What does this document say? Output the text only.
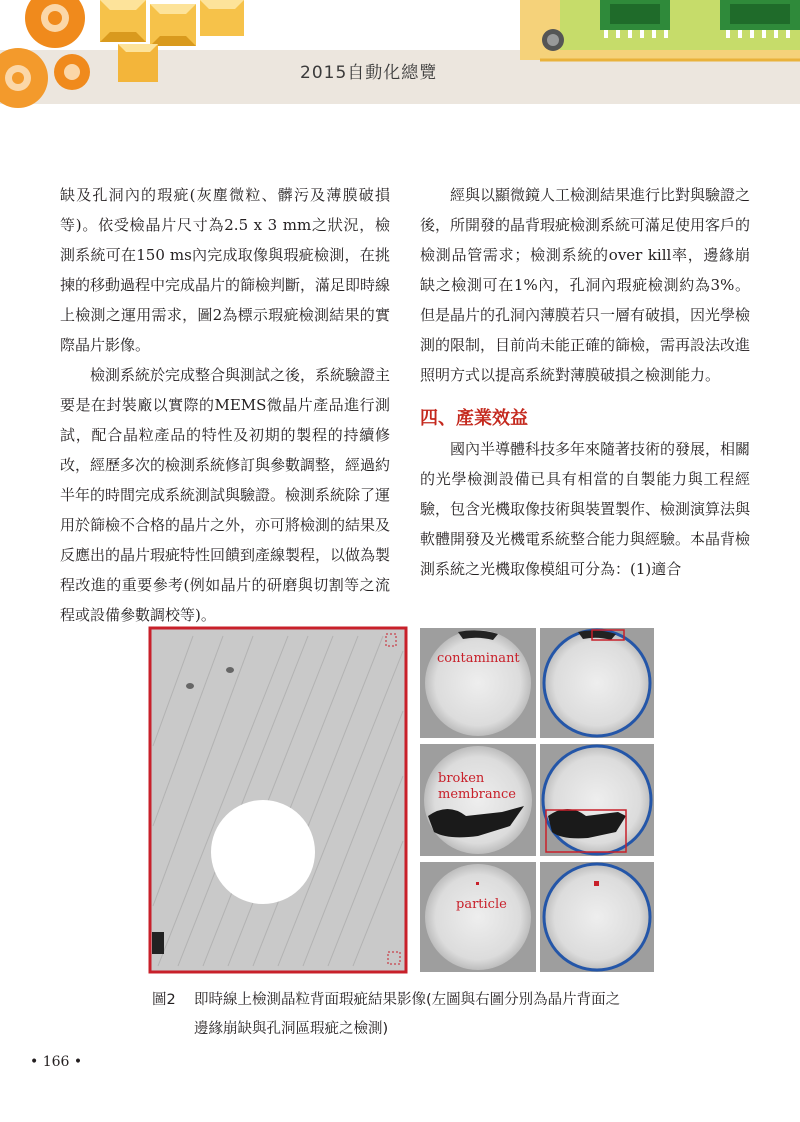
2015自動化總覽

缺及孔洞內的瑕疵(灰塵微粒、髒污及薄膜破損等)。依受檢晶片尺寸為2.5 x 3 mm之狀況，檢測系統可在150 ms內完成取像與瑕疵檢測，在挑揀的移動過程中完成晶片的篩檢判斷，滿足即時線上檢測之運用需求，圖2為標示瑕疵檢測結果的實際晶片影像。

檢測系統於完成整合與測試之後，系統驗證主要是在封裝廠以實際的MEMS微晶片產品進行測試，配合晶粒產品的特性及初期的製程的持續修改，經歷多次的檢測系統修訂與參數調整，經過約半年的時間完成系統測試與驗證。檢測系統除了運用於篩檢不合格的晶片之外，亦可將檢測的結果及反應出的晶片瑕疵特性回饋到產線製程，以做為製程改進的重要參考(例如晶片的研磨與切割等之流程或設備參數調校等)。

經與以顯微鏡人工檢測結果進行比對與驗證之後，所開發的晶背瑕疵檢測系統可滿足使用客戶的檢測品管需求；檢測系統的over kill率，邊緣崩缺之檢測可在1%內，孔洞內瑕疵檢測約為3%。但是晶片的孔洞內薄膜若只一層有破損，因光學檢測的限制，目前尚未能正確的篩檢，需再設法改進照明方式以提高系統對薄膜破損之檢測能力。

四、產業效益

國內半導體科技多年來隨著技術的發展，相關的光學檢測設備已具有相當的自製能力與工程經驗，包含光機取像技術與裝置製作、檢測演算法與軟體開發及光機電系統整合能力與經驗。本晶背檢測系統之光機取像模組可分為：(1)適合

contaminant
broken
membrance
particle
圖2 即時線上檢測晶粒背面瑕疵結果影像(左圖與右圖分別為晶片背面之
邊緣崩缺與孔洞區瑕疵之檢測)
• 166 •
